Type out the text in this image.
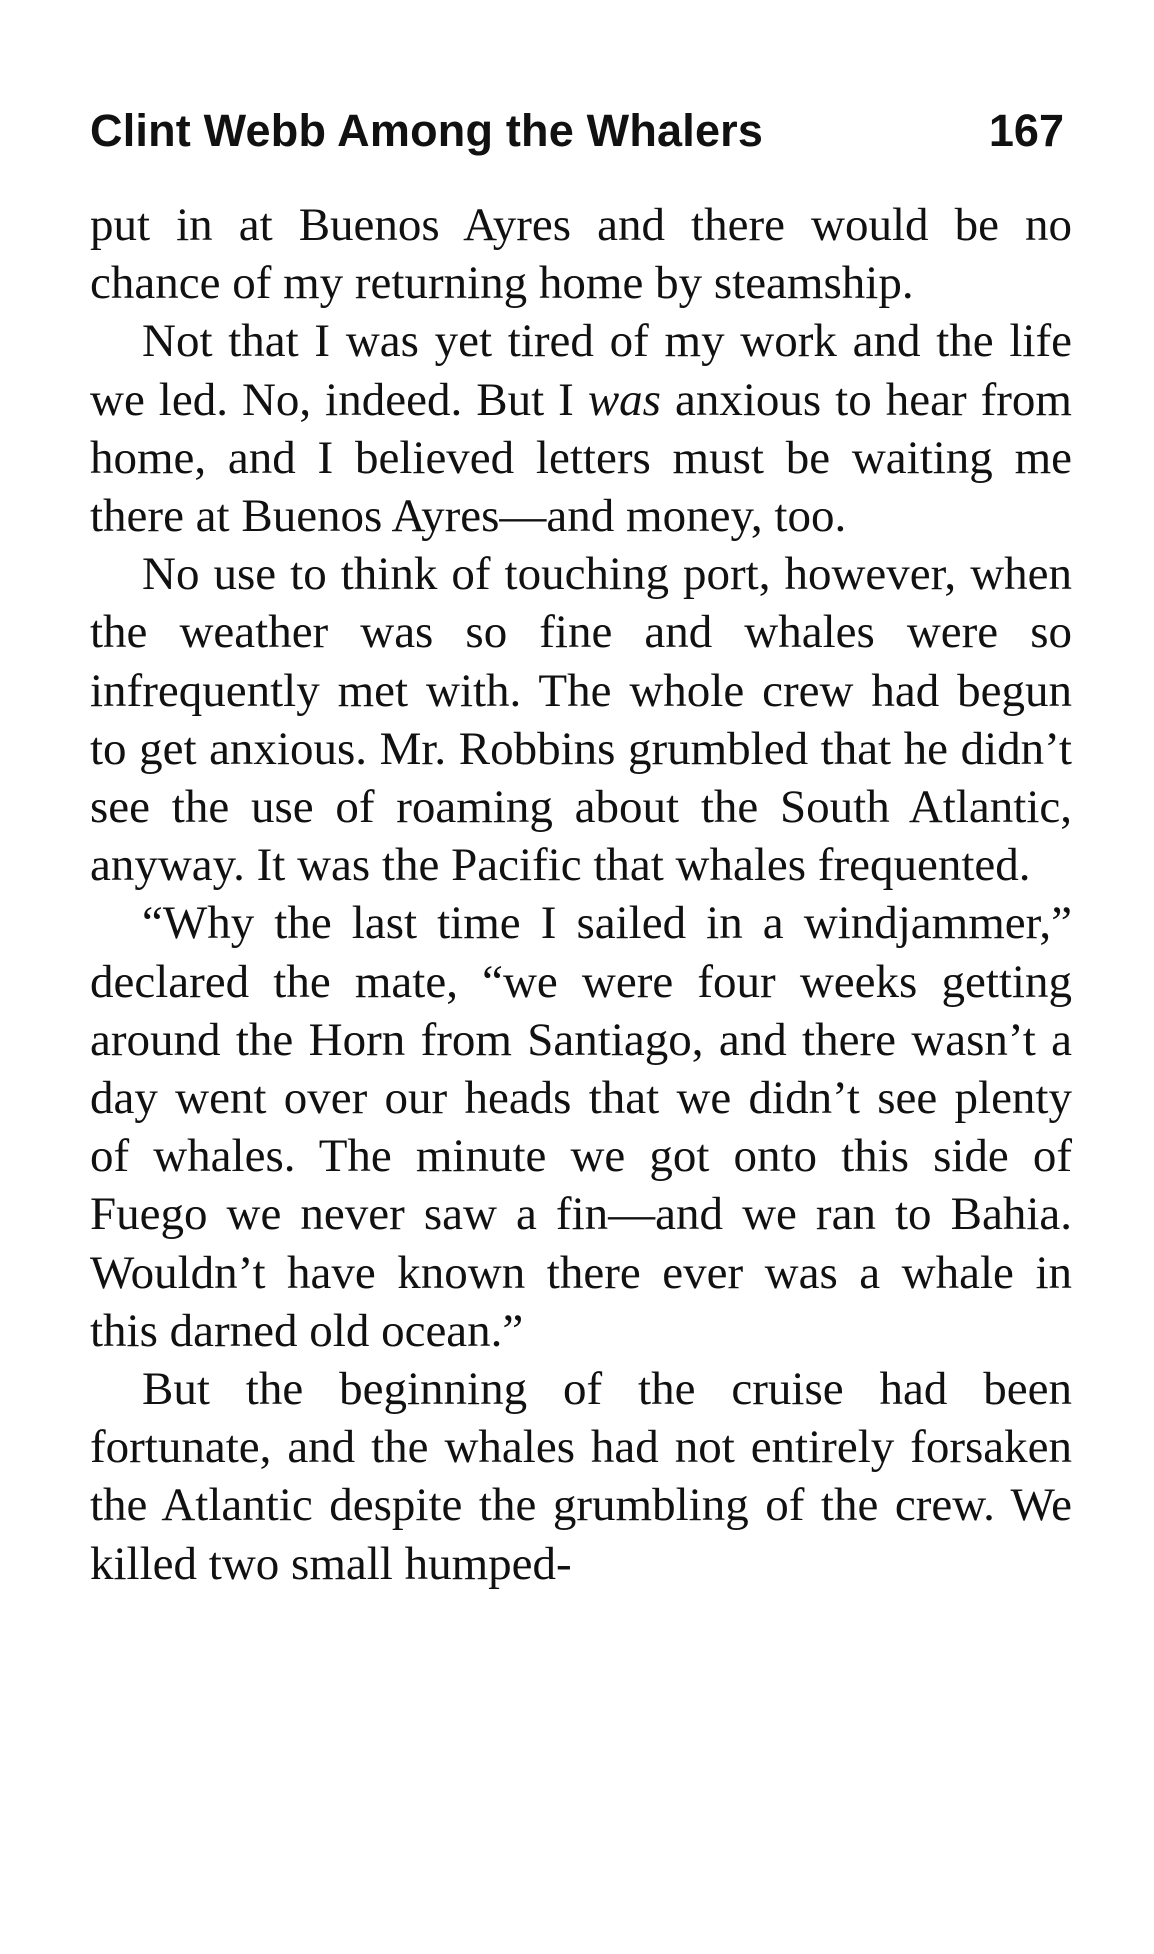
Clint Webb Among the Whalers	167

put in at Buenos Ayres and there would be no chance of my returning home by steamship.

Not that I was yet tired of my work and the life we led. No, indeed. But I was anxious to hear from home, and I believed letters must be waiting me there at Buenos Ayres—and money, too.

No use to think of touching port, however, when the weather was so fine and whales were so infrequently met with. The whole crew had begun to get anxious. Mr. Robbins grumbled that he didn’t see the use of roaming about the South Atlantic, anyway. It was the Pacific that whales frequented.

“Why the last time I sailed in a windjammer,” declared the mate, “we were four weeks getting around the Horn from Santiago, and there wasn’t a day went over our heads that we didn’t see plenty of whales. The minute we got onto this side of Fuego we never saw a fin—and we ran to Bahia. Wouldn’t have known there ever was a whale in this darned old ocean.”

But the beginning of the cruise had been fortunate, and the whales had not entirely forsaken the Atlantic despite the grumbling of the crew. We killed two small humped-
